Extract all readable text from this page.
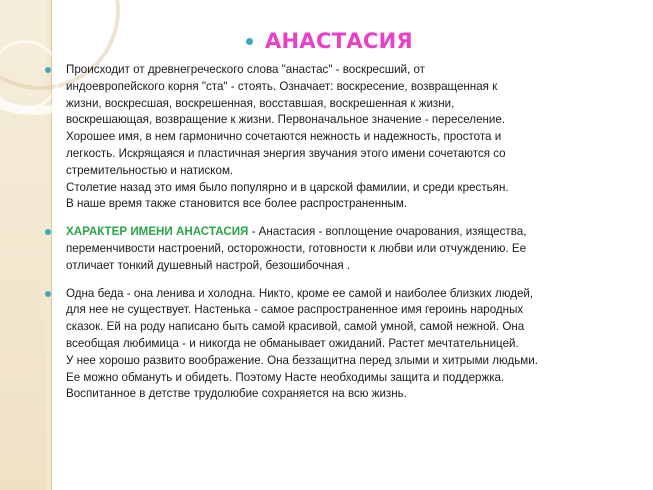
АНАСТАСИЯ
Происходит от древнегреческого слова "анастас" - воскресший, от
индоевропейского корня "ста" - стоять. Означает: воскресение, возвращенная к
жизни, воскресшая, воскрешенная, восставшая, воскрешенная к жизни,
воскрешающая, возвращение к жизни. Первоначальное значение - переселение.
Хорошее имя, в нем гармонично сочетаются нежность и надежность, простота и
легкость. Искрящаяся и пластичная энергия звучания этого имени сочетаются со
стремительностью и натиском.
Столетие назад это имя было популярно и в царской фамилии, и среди крестьян.
В наше время также становится все более распространенным.
ХАРАКТЕР ИМЕНИ АНАСТАСИЯ - Анастасия - воплощение очарования, изящества,
переменчивости настроений, осторожности, готовности к любви или отчуждению. Ее
отличает тонкий душевный настрой, безошибочная .
Одна беда - она ленива и холодна. Никто, кроме ее самой и наиболее близких людей,
для нее не существует. Настенька - самое распространенное имя героинь народных
сказок. Ей на роду написано быть самой красивой, самой умной, самой нежной. Она
всеобщая любимица - и никогда не обманывает ожиданий. Растет мечтательницей.
У нее хорошо развито воображение. Она беззащитна перед злыми и хитрыми людьми.
Ее можно обмануть и обидеть. Поэтому Насте необходимы защита и поддержка.
Воспитанное в детстве трудолюбие сохраняется на всю жизнь.
